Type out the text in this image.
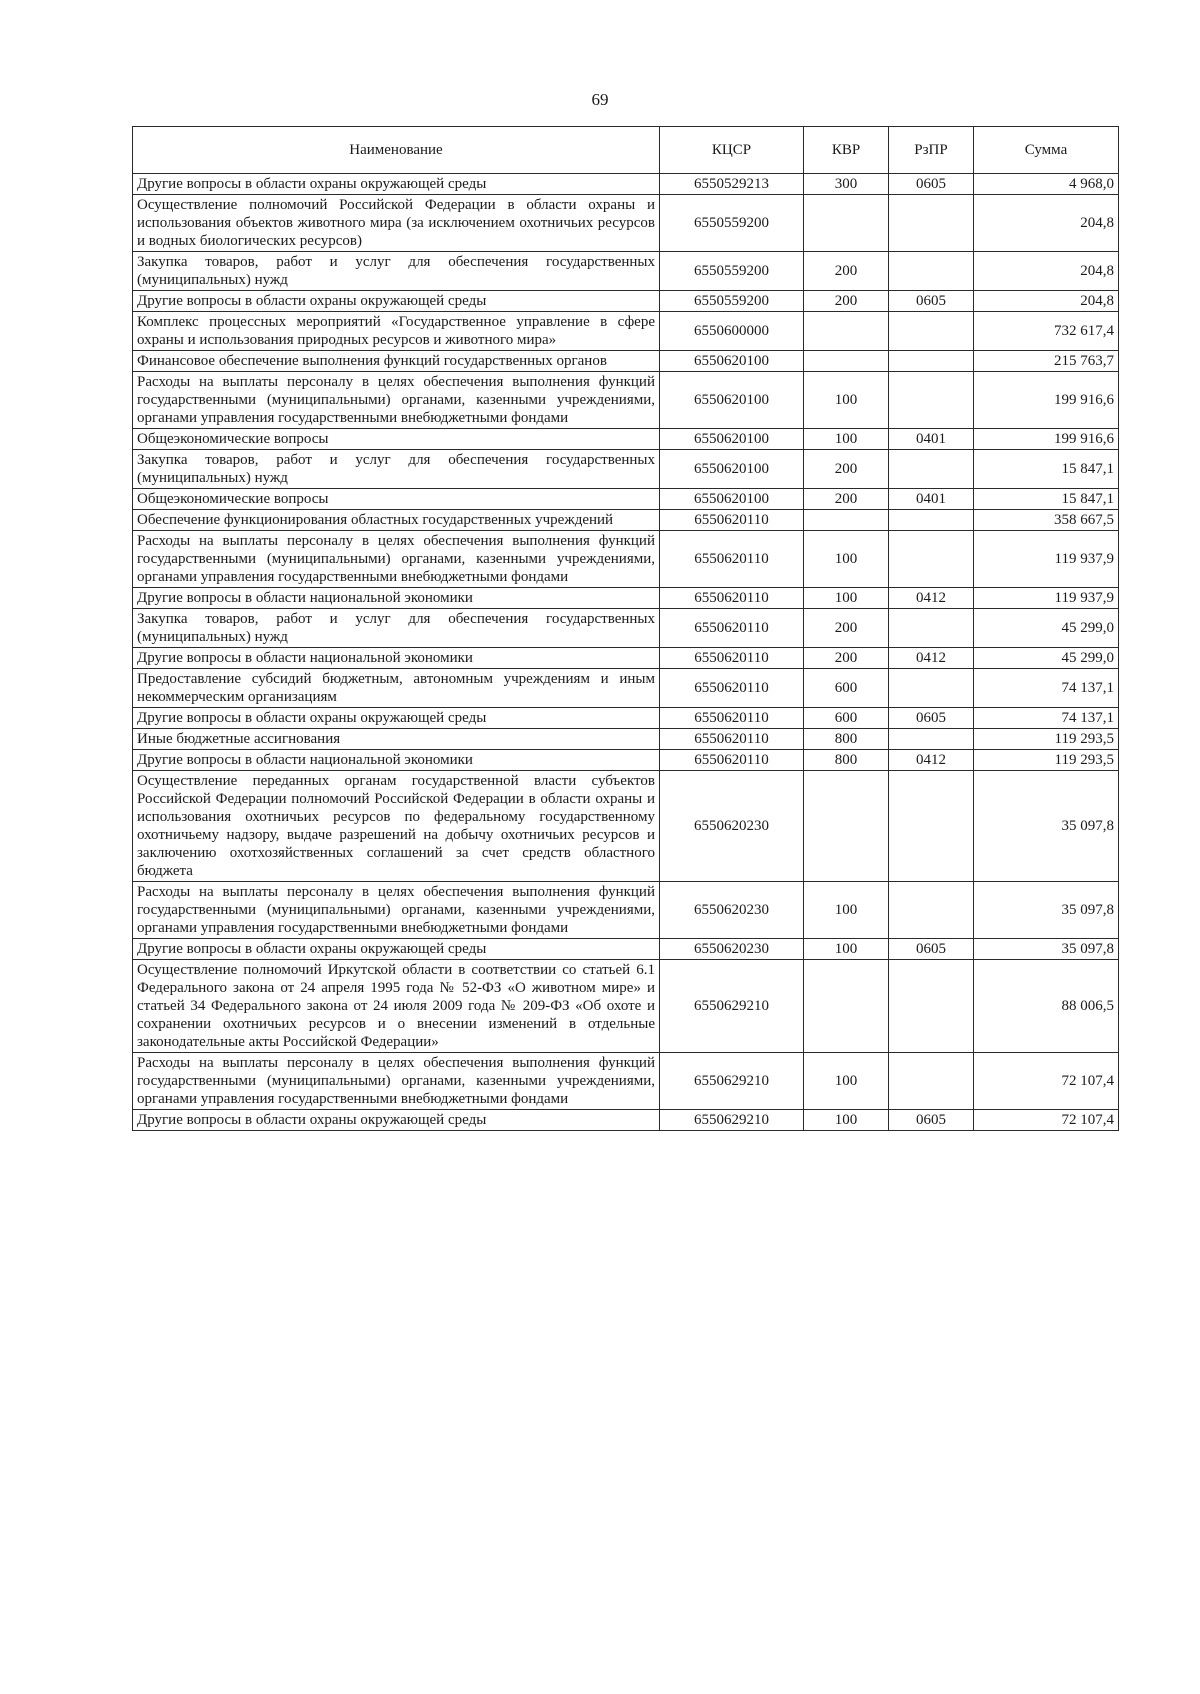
69
Наименование	КЦСР	КВР	РзПР	Сумма
Другие вопросы в области охраны окружающей среды	6550529213	300	0605	4 968,0
Осуществление полномочий Российской Федерации в области охраны и использования объектов животного мира (за исключением охотничьих ресурсов и водных биологических ресурсов)	6550559200			204,8
Закупка товаров, работ и услуг для обеспечения государственных (муниципальных) нужд	6550559200	200		204,8
Другие вопросы в области охраны окружающей среды	6550559200	200	0605	204,8
Комплекс процессных мероприятий «Государственное управление в сфере охраны и использования природных ресурсов и животного мира»	6550600000			732 617,4
Финансовое обеспечение выполнения функций государственных органов	6550620100			215 763,7
Расходы на выплаты персоналу в целях обеспечения выполнения функций государственными (муниципальными) органами, казенными учреждениями, органами управления государственными внебюджетными фондами	6550620100	100		199 916,6
Общеэкономические вопросы	6550620100	100	0401	199 916,6
Закупка товаров, работ и услуг для обеспечения государственных (муниципальных) нужд	6550620100	200		15 847,1
Общеэкономические вопросы	6550620100	200	0401	15 847,1
Обеспечение функционирования областных государственных учреждений	6550620110			358 667,5
Расходы на выплаты персоналу в целях обеспечения выполнения функций государственными (муниципальными) органами, казенными учреждениями, органами управления государственными внебюджетными фондами	6550620110	100		119 937,9
Другие вопросы в области национальной экономики	6550620110	100	0412	119 937,9
Закупка товаров, работ и услуг для обеспечения государственных (муниципальных) нужд	6550620110	200		45 299,0
Другие вопросы в области национальной экономики	6550620110	200	0412	45 299,0
Предоставление субсидий бюджетным, автономным учреждениям и иным некоммерческим организациям	6550620110	600		74 137,1
Другие вопросы в области охраны окружающей среды	6550620110	600	0605	74 137,1
Иные бюджетные ассигнования	6550620110	800		119 293,5
Другие вопросы в области национальной экономики	6550620110	800	0412	119 293,5
Осуществление переданных органам государственной власти субъектов Российской Федерации полномочий Российской Федерации в области охраны и использования охотничьих ресурсов по федеральному государственному охотничьему надзору, выдаче разрешений на добычу охотничьих ресурсов и заключению охотхозяйственных соглашений за счет средств областного бюджета	6550620230			35 097,8
Расходы на выплаты персоналу в целях обеспечения выполнения функций государственными (муниципальными) органами, казенными учреждениями, органами управления государственными внебюджетными фондами	6550620230	100		35 097,8
Другие вопросы в области охраны окружающей среды	6550620230	100	0605	35 097,8
Осуществление полномочий Иркутской области в соответствии со статьей 6.1 Федерального закона от 24 апреля 1995 года № 52-ФЗ «О животном мире» и статьей 34 Федерального закона от 24 июля 2009 года № 209-ФЗ «Об охоте и сохранении охотничьих ресурсов и о внесении изменений в отдельные законодательные акты Российской Федерации»	6550629210			88 006,5
Расходы на выплаты персоналу в целях обеспечения выполнения функций государственными (муниципальными) органами, казенными учреждениями, органами управления государственными внебюджетными фондами	6550629210	100		72 107,4
Другие вопросы в области охраны окружающей среды	6550629210	100	0605	72 107,4
